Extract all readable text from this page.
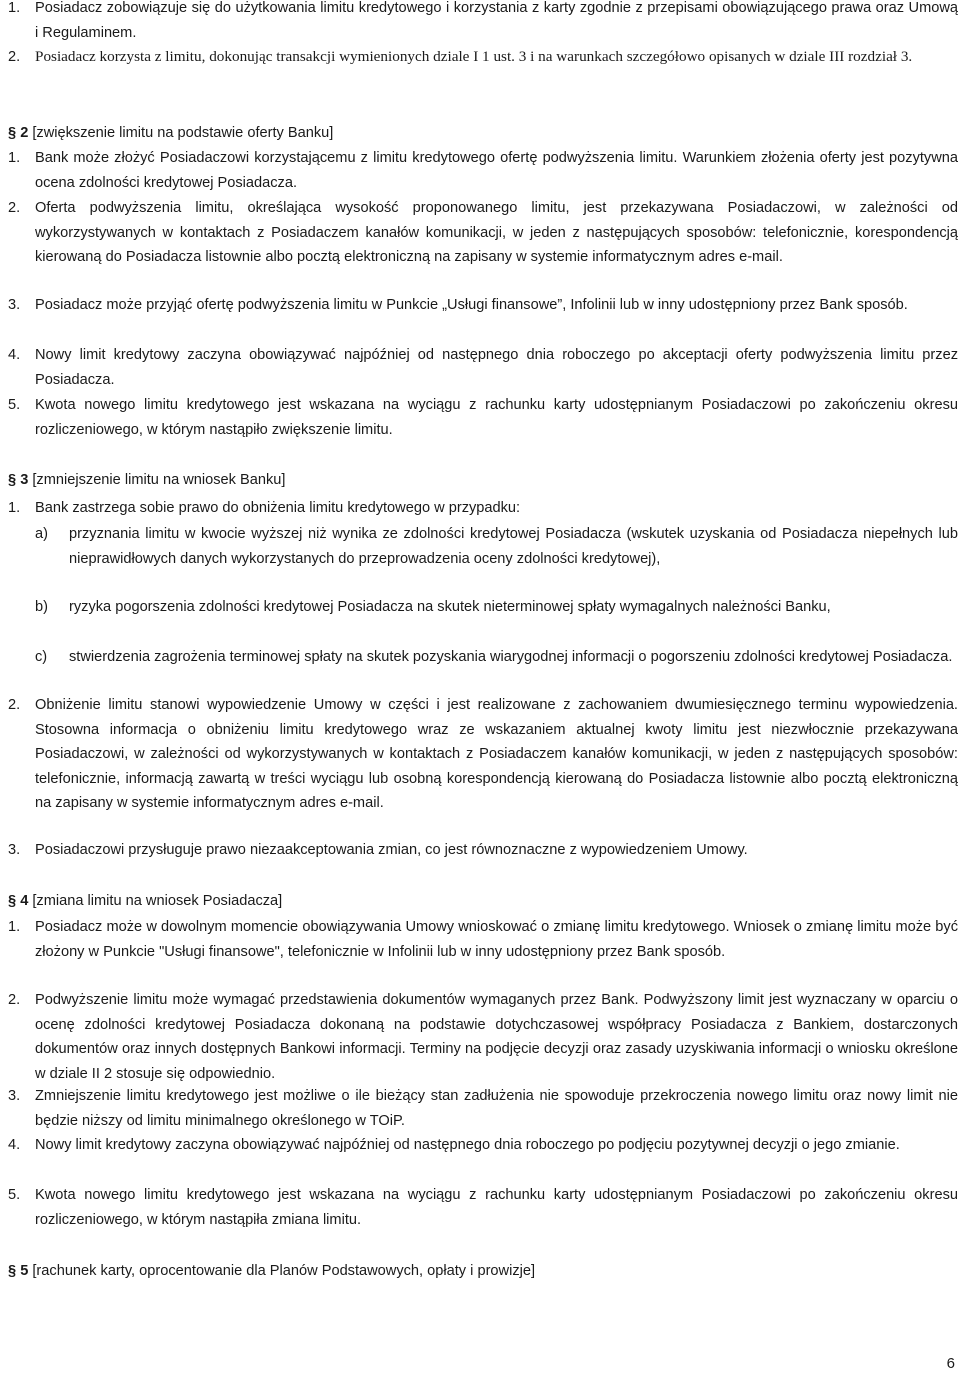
1.	Posiadacz zobowiązuje się do użytkowania limitu kredytowego i korzystania z karty zgodnie z przepisami obowiązującego prawa oraz Umową i Regulaminem.
2. Posiadacz korzysta z limitu, dokonując transakcji wymienionych dziale I 1 ust. 3 i na warunkach szczegółowo opisanych w dziale III rozdział 3.
§ 2 [zwiększenie limitu na podstawie oferty Banku]
1.	Bank może złożyć Posiadaczowi korzystającemu z limitu kredytowego ofertę podwyższenia limitu. Warunkiem złożenia oferty jest pozytywna ocena zdolności kredytowej Posiadacza.
2.	Oferta podwyższenia limitu, określająca wysokość proponowanego limitu, jest przekazywana Posiadaczowi, w zależności od wykorzystywanych w kontaktach z Posiadaczem kanałów komunikacji, w jeden z następujących sposobów: telefonicznie, korespondencją kierowaną do Posiadacza listownie albo pocztą elektroniczną na zapisany w systemie informatycznym adres e-mail.
3.	Posiadacz może przyjąć ofertę podwyższenia limitu w Punkcie „Usługi finansowe”, Infolinii lub w inny udostępniony przez Bank sposób.
4.	Nowy limit kredytowy zaczyna obowiązywać najpóźniej od następnego dnia roboczego po akceptacji oferty podwyższenia limitu przez Posiadacza.
5.	Kwota nowego limitu kredytowego jest wskazana na wyciągu z rachunku karty udostępnianym Posiadaczowi po zakończeniu okresu rozliczeniowego, w którym nastąpiło zwiększenie limitu.
§ 3 [zmniejszenie limitu na wniosek Banku]
1.	Bank zastrzega sobie prawo do obniżenia limitu kredytowego w przypadku:
a)	przyznania limitu w kwocie wyższej niż wynika ze zdolności kredytowej Posiadacza (wskutek uzyskania od Posiadacza niepełnych lub nieprawidłowych danych wykorzystanych do przeprowadzenia oceny zdolności kredytowej),
b)	ryzyka pogorszenia zdolności kredytowej Posiadacza na skutek nieterminowej spłaty wymagalnych należności Banku,
c)	stwierdzenia zagrożenia terminowej spłaty na skutek pozyskania wiarygodnej informacji o pogorszeniu zdolności kredytowej Posiadacza.
2.	Obniżenie limitu stanowi wypowiedzenie Umowy w części i jest realizowane z zachowaniem dwumiesięcznego terminu wypowiedzenia. Stosowna informacja o obniżeniu limitu kredytowego wraz ze wskazaniem aktualnej kwoty limitu jest niezwłocznie przekazywana Posiadaczowi, w zależności od wykorzystywanych w kontaktach z Posiadaczem kanałów komunikacji, w jeden z następujących sposobów: telefonicznie, informacją zawartą w treści wyciągu lub osobną korespondencją kierowaną do Posiadacza listownie albo pocztą elektroniczną na zapisany w systemie informatycznym adres e-mail.
3.	Posiadaczowi przysługuje prawo niezaakceptowania zmian, co jest równoznaczne z wypowiedzeniem Umowy.
§ 4 [zmiana limitu na wniosek Posiadacza]
1.	Posiadacz może w dowolnym momencie obowiązywania Umowy wnioskować o zmianę limitu kredytowego. Wniosek o zmianę limitu może być złożony w Punkcie "Usługi finansowe", telefonicznie w Infolinii lub w inny udostępniony przez Bank sposób.
2.	Podwyższenie limitu może wymagać przedstawienia dokumentów wymaganych przez Bank. Podwyższony limit jest wyznaczany w oparciu o ocenę zdolności kredytowej Posiadacza dokonaną na podstawie dotychczasowej współpracy Posiadacza z Bankiem, dostarczonych dokumentów oraz innych dostępnych Bankowi informacji. Terminy na podjęcie decyzji oraz zasady uzyskiwania informacji o wniosku określone w dziale II 2 stosuje się odpowiednio.
3.	Zmniejszenie limitu kredytowego jest możliwe o ile bieżący stan zadłużenia nie spowoduje przekroczenia nowego limitu oraz nowy limit nie będzie niższy od limitu minimalnego określonego w TOiP.
4.	Nowy limit kredytowy zaczyna obowiązywać najpóźniej od następnego dnia roboczego po podjęciu pozytywnej decyzji o jego zmianie.
5.	Kwota nowego limitu kredytowego jest wskazana na wyciągu z rachunku karty udostępnianym Posiadaczowi po zakończeniu okresu rozliczeniowego, w którym nastąpiła zmiana limitu.
§ 5 [rachunek karty, oprocentowanie dla Planów Podstawowych, opłaty i prowizje]
6
